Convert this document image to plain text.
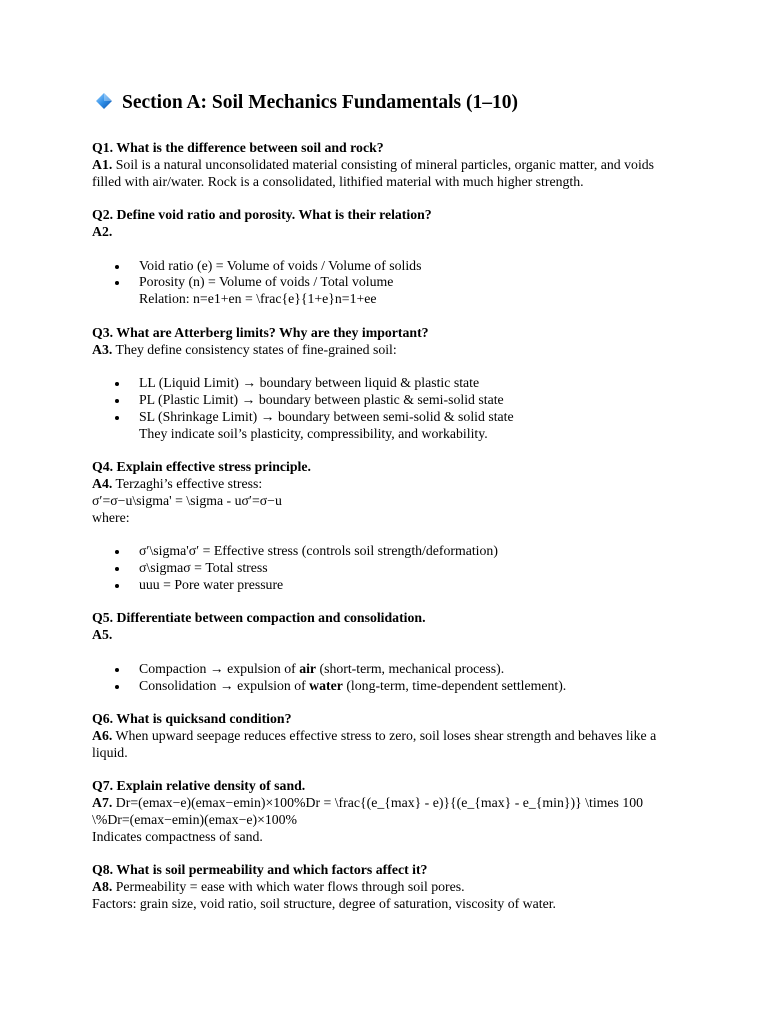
Section A: Soil Mechanics Fundamentals (1–10)

Q1. What is the difference between soil and rock?

A1. Soil is a natural unconsolidated material consisting of mineral particles, organic matter, and voids filled with air/water. Rock is a consolidated, lithified material with much higher strength.

Q2. Define void ratio and porosity. What is their relation?

A2.

Void ratio (e) = Volume of voids / Volume of solids
Porosity (n) = Volume of voids / Total volume
Relation: n=e1+en = \frac{e}{1+e}n=1+ee

Q3. What are Atterberg limits? Why are they important?

A3. They define consistency states of fine-grained soil:

LL (Liquid Limit) → boundary between liquid & plastic state
PL (Plastic Limit) → boundary between plastic & semi-solid state
SL (Shrinkage Limit) → boundary between semi-solid & solid state
They indicate soil’s plasticity, compressibility, and workability.

Q4. Explain effective stress principle.

A4. Terzaghi’s effective stress:

σ′=σ−u\sigma' = \sigma - uσ′=σ−u

where:

σ′\sigma'σ′ = Effective stress (controls soil strength/deformation)
σ\sigmaσ = Total stress
uuu = Pore water pressure

Q5. Differentiate between compaction and consolidation.

A5.

Compaction → expulsion of air (short-term, mechanical process).
Consolidation → expulsion of water (long-term, time-dependent settlement).

Q6. What is quicksand condition?

A6. When upward seepage reduces effective stress to zero, soil loses shear strength and behaves like a liquid.

Q7. Explain relative density of sand.

A7. Dr=(emax−e)(emax−emin)×100%Dr = \frac{(e_{max} - e)}{(e_{max} - e_{min})} \times 100 \%Dr=(emax−emin)(emax−e)×100%

Indicates compactness of sand.

Q8. What is soil permeability and which factors affect it?

A8. Permeability = ease with which water flows through soil pores.

Factors: grain size, void ratio, soil structure, degree of saturation, viscosity of water.
